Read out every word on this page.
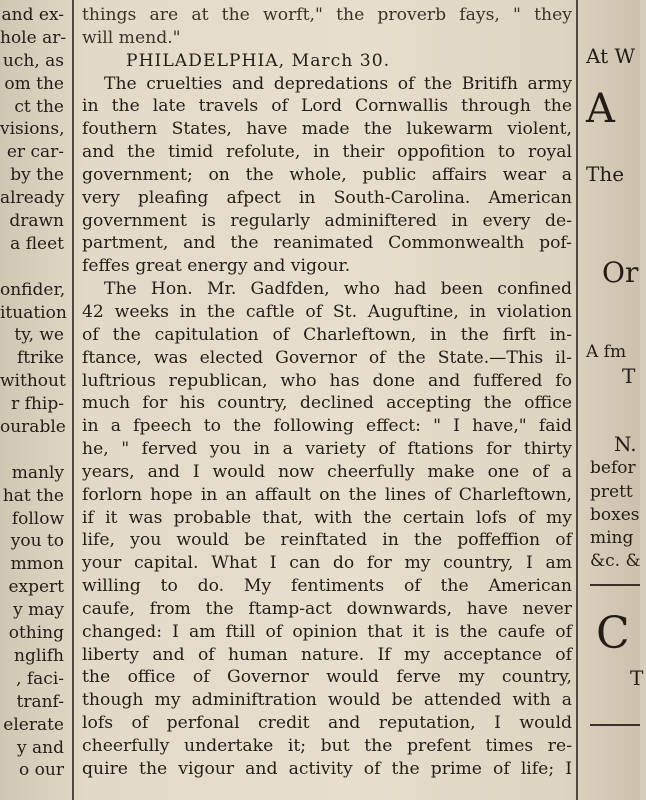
and ex-
hole ar-
uch, as
om the
ct the
visions,
er car-
by the
already
drawn
a fleet
onfider,
ituation
ty, we
ftrike
without
r fhip-
ourable
manly
hat the
follow
you to
mmon
expert
y may
othing
nglifh
, faci-
tranf-
elerate
y and
o our
things are at the worft," the proverb fays, " they
will mend."
PHILADELPHIA, March 30.
The cruelties and depredations of the Britifh army
in the late travels of Lord Cornwallis through the
fouthern States, have made the lukewarm violent,
and the timid refolute, in their oppofition to royal
government; on the whole, public affairs wear a
very pleafing afpect in South-Carolina. American
government is regularly adminiftered in every de-
partment, and the reanimated Commonwealth pof-
feffes great energy and vigour.
The Hon. Mr. Gadfden, who had been confined
42 weeks in the caftle of St. Auguftine, in violation
of the capitulation of Charleftown, in the firft in-
ftance, was elected Governor of the State.—This il-
luftrious republican, who has done and fuffered fo
much for his country, declined accepting the office
in a fpeech to the following effect: " I have," faid
he, " ferved you in a variety of ftations for thirty
years, and I would now cheerfully make one of a
forlorn hope in an affault on the lines of Charleftown,
if it was probable that, with the certain lofs of my
life, you would be reinftated in the poffeffion of
your capital. What I can do for my country, I am
willing to do. My fentiments of the American
caufe, from the ftamp-act downwards, have never
changed: I am ftill of opinion that it is the caufe of
liberty and of human nature. If my acceptance of
the office of Governor would ferve my country,
though my adminiftration would be attended with a
lofs of perfonal credit and reputation, I would
cheerfully undertake it; but the prefent times re-
quire the vigour and activity of the prime of life; I
At W
A
The
Or
A fm
T
N.
befor
prett
boxes
ming
&c. &
C
T
